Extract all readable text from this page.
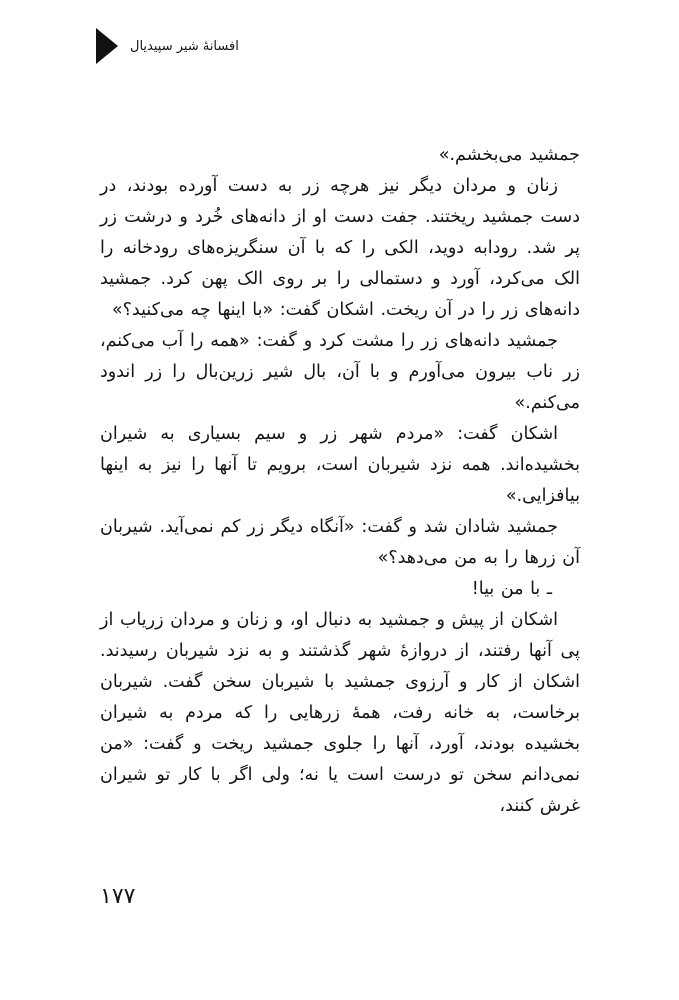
افسانهٔ شیر سپیدیال

جمشید می‌بخشم.»

زنان و مردان دیگر نیز هرچه زر به دست آورده بودند، در دست جمشید ریختند. جفت دست او از دانه‌های خُرد و درشت زر پر شد. رودابه دوید، الکی را که با آن سنگریزه‌های رودخانه را الک می‌کرد، آورد و دستمالی را بر روی الک پهن کرد. جمشید دانه‌های زر را در آن ریخت. اشکان گفت: «با اینها چه می‌کنید؟»

جمشید دانه‌های زر را مشت کرد و گفت: «همه را آب می‌کنم، زر ناب بیرون می‌آورم و با آن، بال شیر زرین‌بال را زر اندود می‌کنم.»

اشکان گفت: «مردم شهر زر و سیم بسیاری به شیران بخشیده‌اند. همه نزد شیربان است، برویم تا آنها را نیز به اینها بیافزایی.»

جمشید شادان شد و گفت: «آنگاه دیگر زر کم نمی‌آید. شیربان آن زرها را به من می‌دهد؟»

ـ با من بیا!

اشکان از پیش و جمشید به دنبال او، و زنان و مردان زریاب از پی آنها رفتند، از دروازهٔ شهر گذشتند و به نزد شیربان رسیدند. اشکان از کار و آرزوی جمشید با شیربان سخن گفت. شیربان برخاست، به خانه رفت، همهٔ زرهایی را که مردم به شیران بخشیده بودند، آورد، آنها را جلوی جمشید ریخت و گفت: «من نمی‌دانم سخن تو درست است یا نه؛ ولی اگر با کار تو شیران غرش کنند،

۱۷۷
